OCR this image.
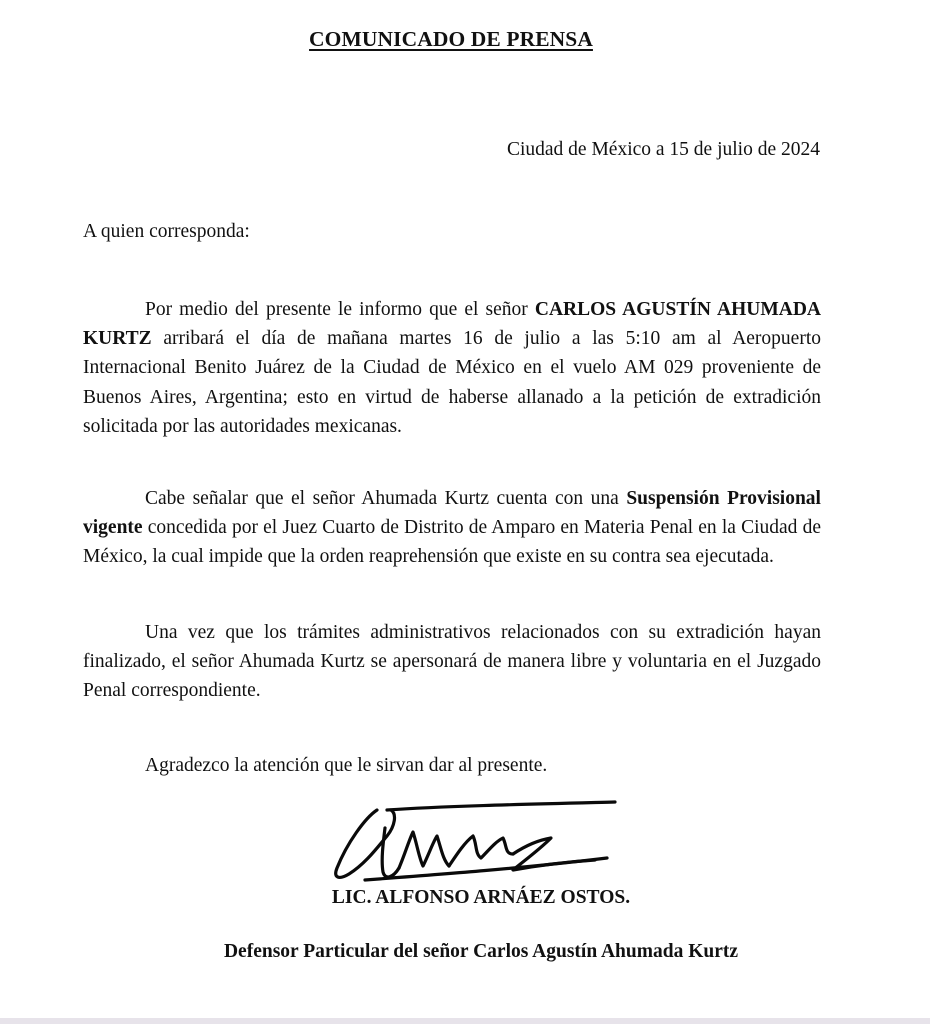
COMUNICADO DE PRENSA
Ciudad de México a 15 de julio de 2024
A quien corresponda:
Por medio del presente le informo que el señor CARLOS AGUSTÍN AHUMADA KURTZ arribará el día de mañana martes 16 de julio a las 5:10 am al Aeropuerto Internacional Benito Juárez de la Ciudad de México en el vuelo AM 029 proveniente de Buenos Aires, Argentina; esto en virtud de haberse allanado a la petición de extradición solicitada por las autoridades mexicanas.
Cabe señalar que el señor Ahumada Kurtz cuenta con una Suspensión Provisional vigente concedida por el Juez Cuarto de Distrito de Amparo en Materia Penal en la Ciudad de México, la cual impide que la orden reaprehensión que existe en su contra sea ejecutada.
Una vez que los trámites administrativos relacionados con su extradición hayan finalizado, el señor Ahumada Kurtz se apersonará de manera libre y voluntaria en el Juzgado Penal correspondiente.
Agradezco la atención que le sirvan dar al presente.
LIC. ALFONSO ARNÁEZ OSTOS.
Defensor Particular del señor Carlos Agustín Ahumada Kurtz
